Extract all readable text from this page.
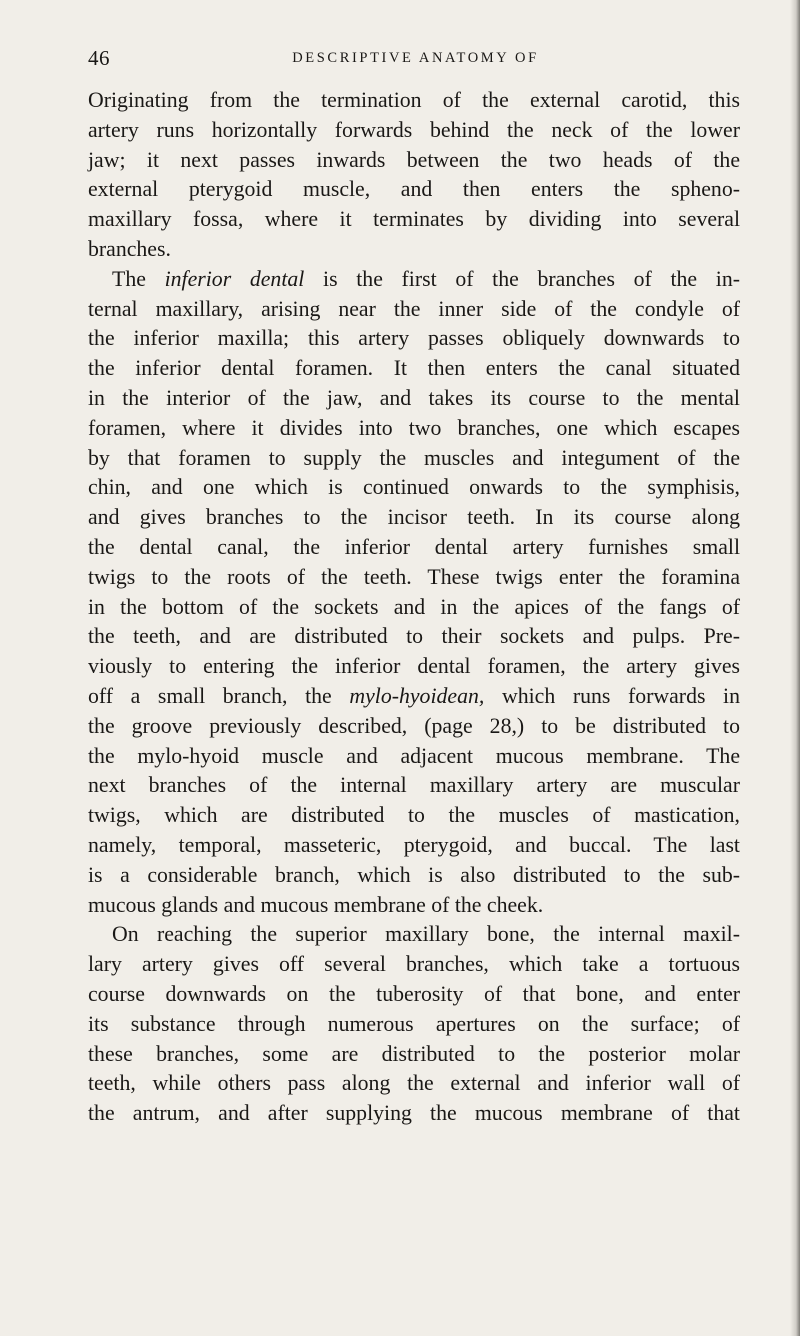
46	DESCRIPTIVE ANATOMY OF
Originating from the termination of the external carotid, this
artery runs horizontally forwards behind the neck of the lower
jaw; it next passes inwards between the two heads of the
external pterygoid muscle, and then enters the spheno-
maxillary fossa, where it terminates by dividing into several
branches.
The inferior dental is the first of the branches of the in-
ternal maxillary, arising near the inner side of the condyle of
the inferior maxilla; this artery passes obliquely downwards to
the inferior dental foramen. It then enters the canal situated
in the interior of the jaw, and takes its course to the mental
foramen, where it divides into two branches, one which escapes
by that foramen to supply the muscles and integument of the
chin, and one which is continued onwards to the symphisis,
and gives branches to the incisor teeth. In its course along
the dental canal, the inferior dental artery furnishes small
twigs to the roots of the teeth. These twigs enter the foramina
in the bottom of the sockets and in the apices of the fangs of
the teeth, and are distributed to their sockets and pulps. Pre-
viously to entering the inferior dental foramen, the artery gives
off a small branch, the mylo-hyoidean, which runs forwards in
the groove previously described, (page 28,) to be distributed to
the mylo-hyoid muscle and adjacent mucous membrane. The
next branches of the internal maxillary artery are muscular
twigs, which are distributed to the muscles of mastication,
namely, temporal, masseteric, pterygoid, and buccal. The last
is a considerable branch, which is also distributed to the sub-
mucous glands and mucous membrane of the cheek.
On reaching the superior maxillary bone, the internal maxil-
lary artery gives off several branches, which take a tortuous
course downwards on the tuberosity of that bone, and enter
its substance through numerous apertures on the surface; of
these branches, some are distributed to the posterior molar
teeth, while others pass along the external and inferior wall of
the antrum, and after supplying the mucous membrane of that
